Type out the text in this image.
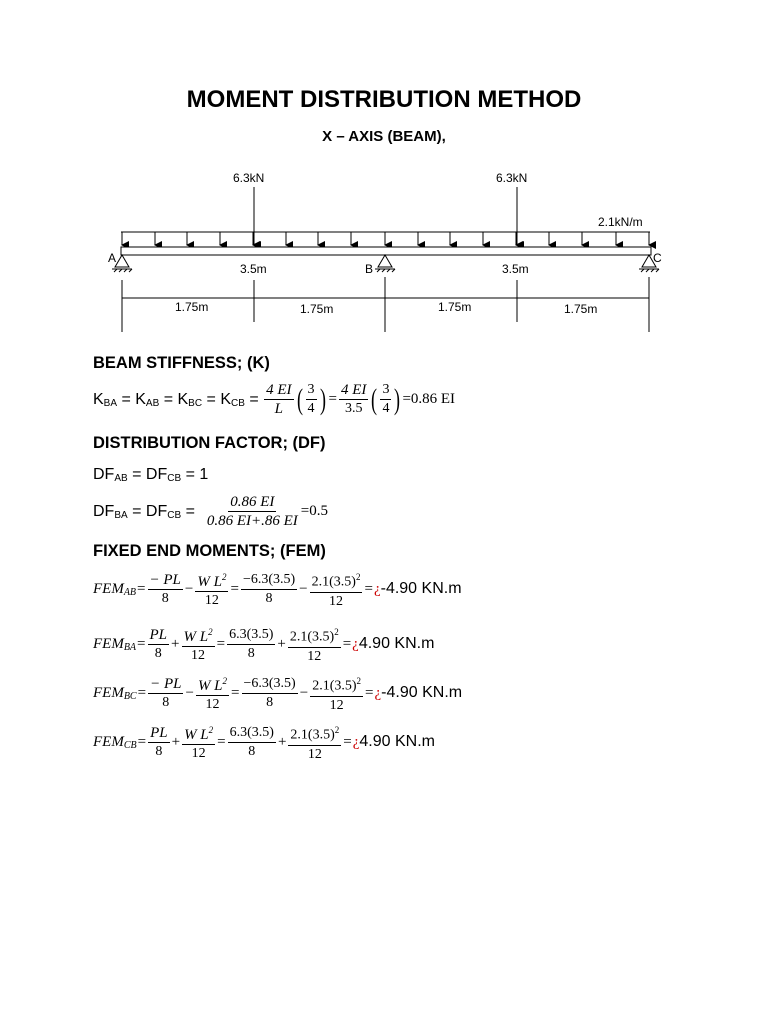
MOMENT DISTRIBUTION METHOD
X – AXIS (BEAM),
6.3kN	6.3kN
2.1kN/m
A
B
C
3.5m	3.5m
1.75m	1.75m	1.75m	1.75m
BEAM STIFFNESS; (K)
$K_{BA} = K_{AB} = K_{BC} = K_{CB} = \frac{4 EI}{L}$ ( $\frac{3}{4}$ ) = $\frac{4 EI}{3.5}$ ( $\frac{3}{4}$ ) =0.86 EI
DISTRIBUTION FACTOR; (DF)
$DF_{AB} = DF_{CB} = 1$
$DF_{BA} = DF_{CB} = \frac{0.86 EI}{0.86 EI+.86 EI} =0.5$
FIXED END MOMENTS; (FEM)
$FEM_{AB} = \frac{- PL}{8} - \frac{W L^2}{12} = \frac{-6.3(3.5)}{8} - \frac{2.1(3.5)^2}{12}$ = ¿ -4.90 KN.m
$FEM_{BA} = \frac{PL}{8} + \frac{W L^2}{12} = \frac{6.3(3.5)}{8} + \frac{2.1(3.5)^2}{12}$ = ¿ 4.90 KN.m
$FEM_{BC} = \frac{- PL}{8} - \frac{W L^2}{12} = \frac{-6.3(3.5)}{8} - \frac{2.1(3.5)^2}{12}$ = ¿ -4.90 KN.m
$FEM_{CB} = \frac{PL}{8} + \frac{W L^2}{12} = \frac{6.3(3.5)}{8} + \frac{2.1(3.5)^2}{12}$ = ¿ 4.90 KN.m
